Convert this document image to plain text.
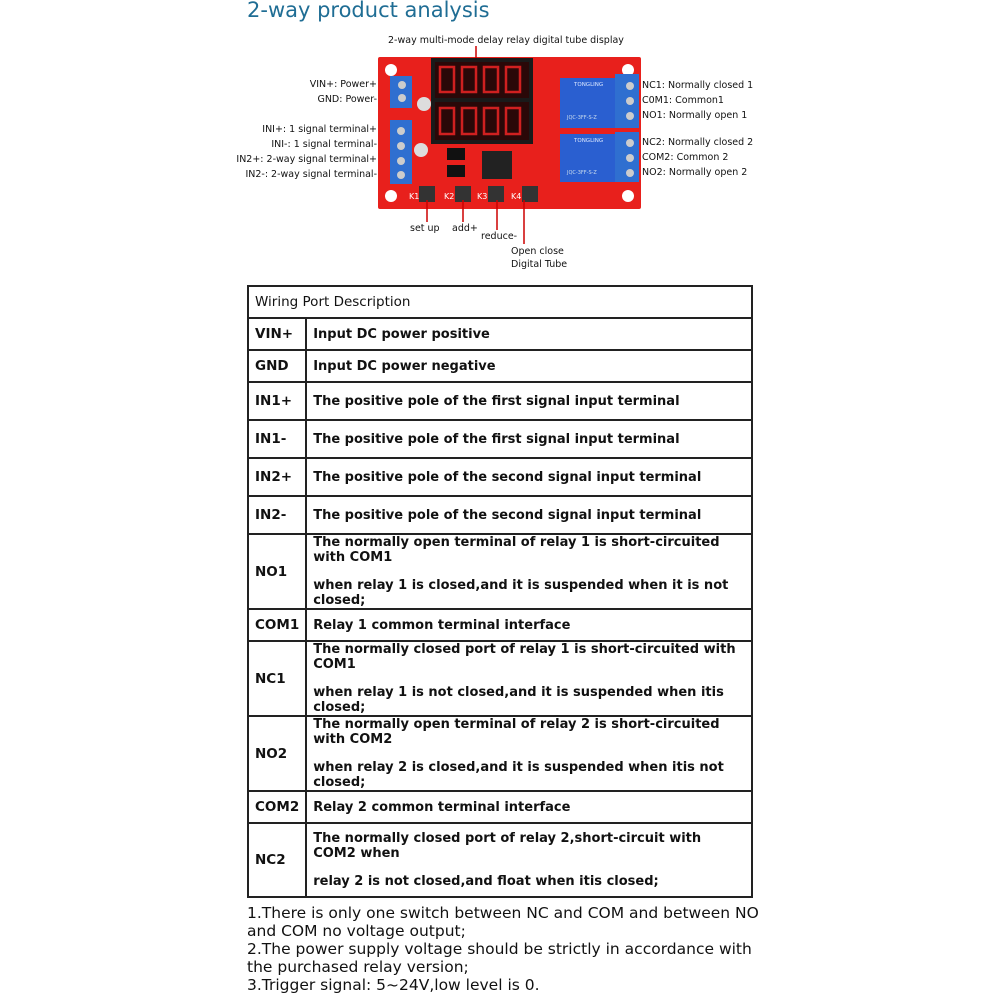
2-way product analysis
TONGLING
JQC-3FF-S-Z
TONGLING
JQC-3FF-S-Z
K1	K2	K3	K4
2-way multi-mode delay relay digital tube display
VIN+: Power+
GND: Power-
INI+: 1 signal terminal+
INI-: 1 signal terminal-
IN2+: 2-way signal terminal+
IN2-: 2-way signal terminal-
NC1: Normally closed 1
C0M1: Common1
NO1: Normally open 1
NC2: Normally closed 2
COM2: Common 2
NO2: Normally open 2
set up add+
reduce-
Open close
Digital Tube
Wiring Port Description	
VIN+	Input DC power positive

GND	Input DC power negative

IN1+	The positive pole of the first signal input terminal

IN1-	The positive pole of the first signal input terminal

IN2+	The positive pole of the second signal input terminal

IN2-	The positive pole of the second signal input terminal

NO1	The normally open terminal of relay 1 is short-circuited with COM1
when relay 1 is closed,and it is suspended when it is not closed;

COM1	Relay 1 common terminal interface

NC1	The normally closed port of relay 1 is short-circuited with COM1
when relay 1 is not closed,and it is suspended when itis closed;

NO2	The normally open terminal of relay 2 is short-circuited with COM2
when relay 2 is closed,and it is suspended when itis not closed;

COM2	Relay 2 common terminal interface

NC2	The normally closed port of relay 2,short-circuit with COM2 when
relay 2 is not closed,and float when itis closed;
1.There is only one switch between NC and COM and between NO and COM no voltage output;
2.The power supply voltage should be strictly in accordance with the purchased relay version;
3.Trigger signal: 5~24V,low level is 0.
